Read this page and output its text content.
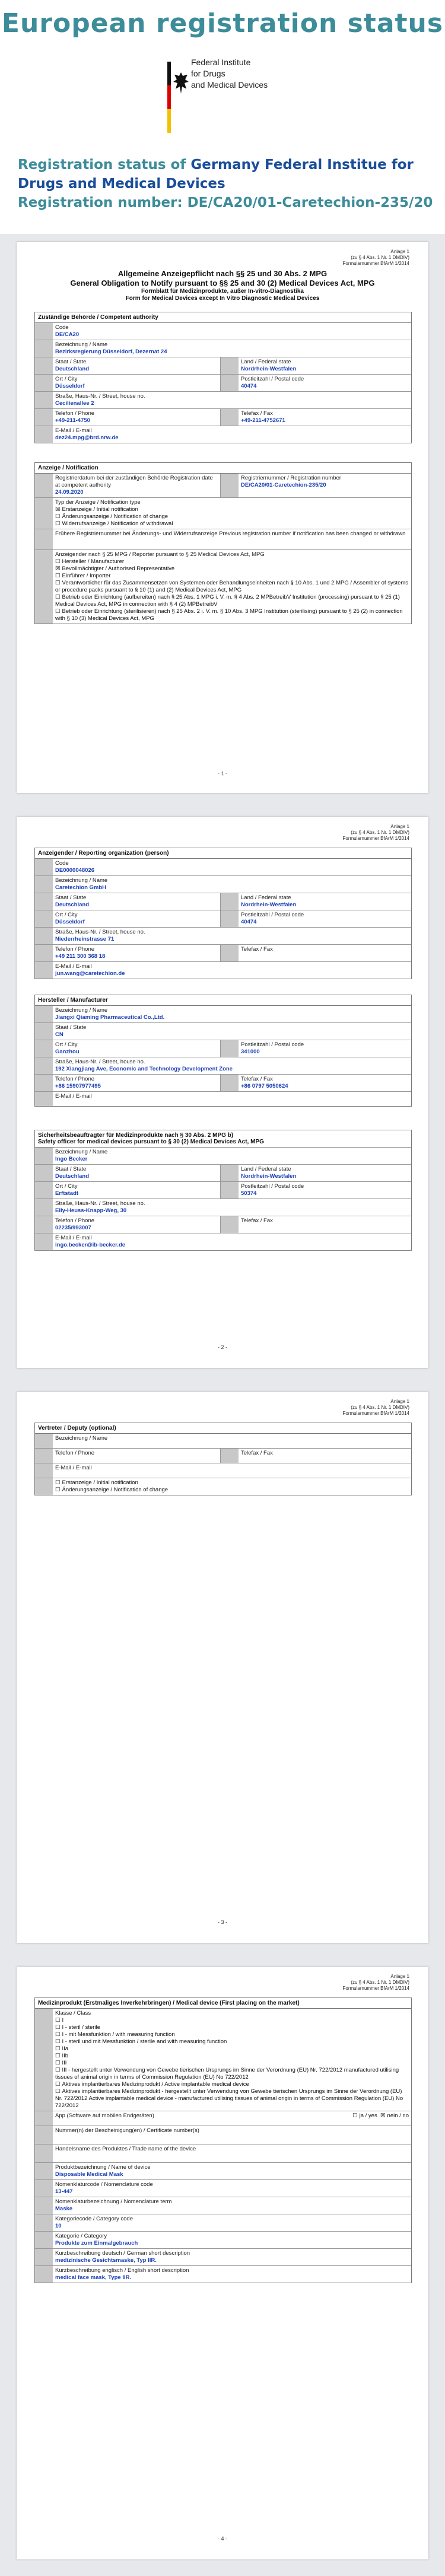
European registration status
Federal Institute
for Drugs
and Medical Devices
Registration status of Germany Federal Institue for Drugs and Medical Devices
Registration number: DE/CA20/01-Caretechion-235/20
Anlage 1
(zu § 4 Abs. 1 Nr. 1 DMDIV)
Formularnummer BfArM 1/2014
Allgemeine Anzeigepflicht nach §§ 25 und 30 Abs. 2 MPG
General Obligation to Notify pursuant to §§ 25 and 30 (2) Medical Devices Act, MPG
Formblatt für Medizinprodukte, außer In-vitro-Diagnostika
Form for Medical Devices except In Vitro Diagnostic Medical Devices
Zuständige Behörde / Competent authority
Code
DE/CA20
Bezeichnung / Name
Bezirksregierung Düsseldorf, Dezernat 24
Staat / State
Deutschland
Land / Federal state
Nordrhein-Westfalen
Ort / City
Düsseldorf
Postleitzahl / Postal code
40474
Straße, Haus-Nr. / Street, house no.
Cecilienallee 2
Telefon / Phone
+49-211-4750
Telefax / Fax
+49-211-4752671
E-Mail / E-mail
dez24.mpg@brd.nrw.de
Anzeige / Notification
Registrierdatum bei der zuständigen Behörde Registration date at competent authority
24.09.2020
Registriernummer / Registration number
DE/CA20/01-Caretechion-235/20
Typ der Anzeige / Notification type
☒ Erstanzeige / Initial notification
☐ Änderungsanzeige / Notification of change
☐ Widerrufsanzeige / Notification of withdrawal
Frühere Registriernummer bei Änderungs- und Widerrufsanzeige Previous registration number if notification has been changed or withdrawn
Anzeigender nach § 25 MPG / Reporter pursuant to § 25 Medical Devices Act, MPG
☐ Hersteller / Manufacturer
☒ Bevollmächtigter / Authorised Representative
☐ Einführer / Importer
☐ Verantwortlicher für das Zusammensetzen von Systemen oder Behandlungseinheiten nach § 10 Abs. 1 und 2 MPG / Assembler of systems or procedure packs pursuant to § 10 (1) and (2) Medical Devices Act, MPG
☐ Betrieb oder Einrichtung (aufbereiten) nach § 25 Abs. 1 MPG i. V. m. § 4 Abs. 2 MPBetreibV Institution (processing) pursuant to § 25 (1) Medical Devices Act, MPG in connection with § 4 (2) MPBetreibV
☐ Betrieb oder Einrichtung (sterilisieren) nach § 25 Abs. 2 i. V. m. § 10 Abs. 3 MPG Institution (sterilising) pursuant to § 25 (2) in connection with § 10 (3) Medical Devices Act, MPG
- 1 -
Anlage 1
(zu § 4 Abs. 1 Nr. 1 DMDIV)
Formularnummer BfArM 1/2014
Anzeigender / Reporting organization (person)
Code
DE0000048026
Bezeichnung / Name
Caretechion GmbH
Staat / State
Deutschland
Land / Federal state
Nordrhein-Westfalen
Ort / City
Düsseldorf
Postleitzahl / Postal code
40474
Straße, Haus-Nr. / Street, house no.
Niederrheinstrasse 71
Telefon / Phone
+49 211 300 368 18
Telefax / Fax
E-Mail / E-mail
jun.wang@caretechion.de
Hersteller / Manufacturer
Bezeichnung / Name
Jiangxi Qiaming Pharmaceutical Co.,Ltd.
Staat / State
CN
Ort / City
Ganzhou
Postleitzahl / Postal code
341000
Straße, Haus-Nr. / Street, house no.
192 Xiangjiang Ave, Economic and Technology Development Zone
Telefon / Phone
+86 15907977495
Telefax / Fax
+86 0797 5050624
E-Mail / E-mail
Sicherheitsbeauftragter für Medizinprodukte nach § 30 Abs. 2 MPG b)
Safety officer for medical devices pursuant to § 30 (2) Medical Devices Act, MPG
Bezeichnung / Name
Ingo Becker
Staat / State
Deutschland
Land / Federal state
Nordrhein-Westfalen
Ort / City
Erftstadt
Postleitzahl / Postal code
50374
Straße, Haus-Nr. / Street, house no.
Elly-Heuss-Knapp-Weg, 30
Telefon / Phone
02235/993007
Telefax / Fax
E-Mail / E-mail
ingo.becker@ib-becker.de
- 2 -
Anlage 1
(zu § 4 Abs. 1 Nr. 1 DMDIV)
Formularnummer BfArM 1/2014
Vertreter / Deputy (optional)
Bezeichnung / Name
Telefon / Phone	Telefax / Fax
E-Mail / E-mail
☐ Erstanzeige / Initial notification
☐ Änderungsanzeige / Notification of change
- 3 -
Anlage 1
(zu § 4 Abs. 1 Nr. 1 DMDIV)
Formularnummer BfArM 1/2014
Medizinprodukt (Erstmaliges Inverkehrbringen) / Medical device (First placing on the market)
Klasse / Class
☐ I
☐ I - steril / sterile
☐ I - mit Messfunktion / with measuring function
☐ I - steril und mit Messfunktion / sterile and with measuring function
☐ IIa
☐ IIb
☐ III
☐ III - hergestellt unter Verwendung von Gewebe tierischen Ursprungs im Sinne der Verordnung (EU) Nr. 722/2012 manufactured utilising tissues of animal origin in terms of Commission Regulation (EU) No 722/2012
☐ Aktives implantierbares Medizinprodukt / Active implantable medical device
☐ Aktives implantierbares Medizinprodukt - hergestellt unter Verwendung von Gewebe tierischen Ursprungs im Sinne der Verordnung (EU) Nr. 722/2012 Active implantable medical device - manufactured utilising tissues of animal origin in terms of Commission Regulation (EU) No 722/2012
App (Software auf mobilen Endgeräten)	☐ ja / yes ☒ nein / no
Nummer(n) der Bescheinigung(en) / Certificate number(s)
Handelsname des Produktes / Trade name of the device
Produktbezeichnung / Name of device
Disposable Medical Mask
Nomenklaturcode / Nomenclature code
13-447
Nomenklaturbezeichnung / Nomenclature term
Maske
Kategoriecode / Category code
10
Kategorie / Category
Produkte zum Einmalgebrauch
Kurzbeschreibung deutsch / German short description
medizinische Gesichtsmaske, Typ IIR.
Kurzbeschreibung englisch / English short description
medical face mask, Type IIR.
- 4 -
